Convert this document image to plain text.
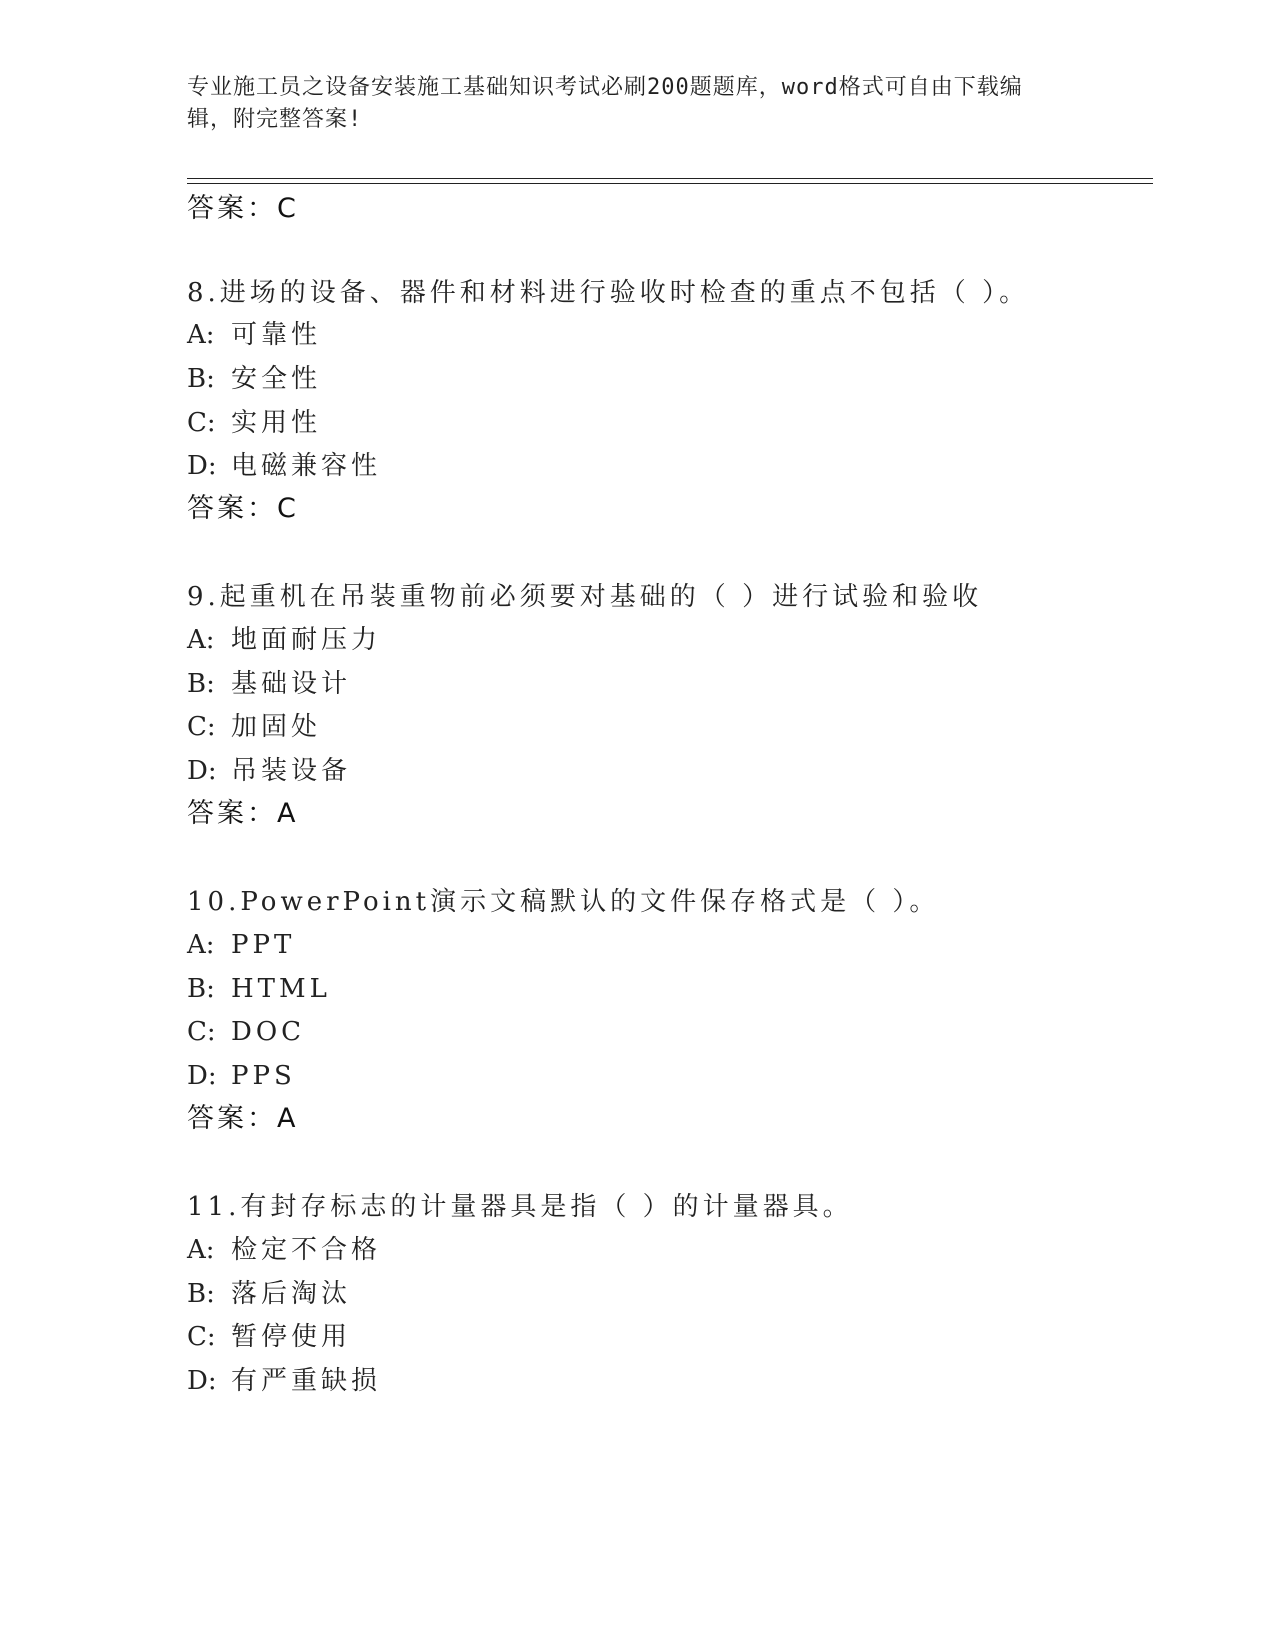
专业施工员之设备安装施工基础知识考试必刷200题题库，word格式可自由下载编辑，附完整答案!
答案：C
8.进场的设备、器件和材料进行验收时检查的重点不包括（ ）。
A: 可靠性
B: 安全性
C: 实用性
D: 电磁兼容性
答案：C
9.起重机在吊装重物前必须要对基础的（ ）进行试验和验收
A: 地面耐压力
B: 基础设计
C: 加固处
D: 吊装设备
答案：A
10.PowerPoint演示文稿默认的文件保存格式是（ ）。
A: PPT
B: HTML
C: DOC
D: PPS
答案：A
11.有封存标志的计量器具是指（ ）的计量器具。
A: 检定不合格
B: 落后淘汰
C: 暂停使用
D: 有严重缺损
